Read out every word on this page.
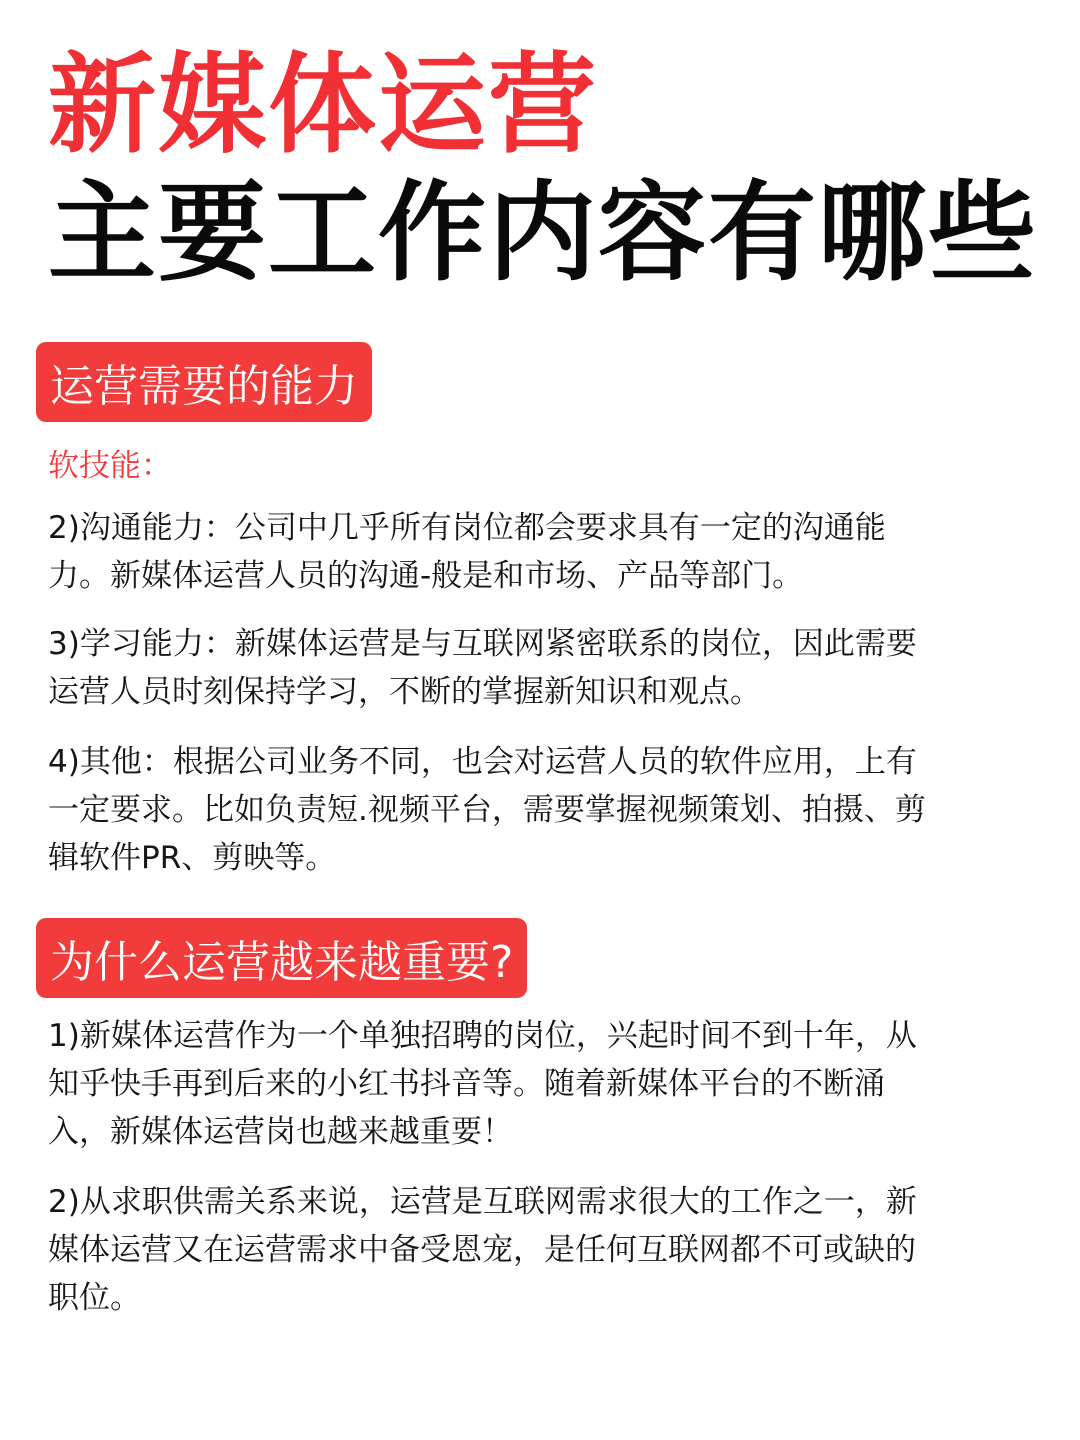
新媒体运营
主要工作内容有哪些
运营需要的能力
软技能：
2)沟通能力：公司中几乎所有岗位都会要求具有一定的沟通能
力。新媒体运营人员的沟通-般是和市场、产品等部门。
3)学习能力：新媒体运营是与互联网紧密联系的岗位，因此需要
运营人员时刻保持学习，不断的掌握新知识和观点。
4)其他：根据公司业务不同，也会对运营人员的软件应用，上有
一定要求。比如负责短.视频平台，需要掌握视频策划、拍摄、剪
辑软件PR、剪映等。
为什么运营越来越重要?
1)新媒体运营作为一个单独招聘的岗位，兴起时间不到十年，从
知乎快手再到后来的小红书抖音等。随着新媒体平台的不断涌
入，新媒体运营岗也越来越重要！
2)从求职供需关系来说，运营是互联网需求很大的工作之一，新
媒体运营又在运营需求中备受恩宠，是任何互联网都不可或缺的
职位。
